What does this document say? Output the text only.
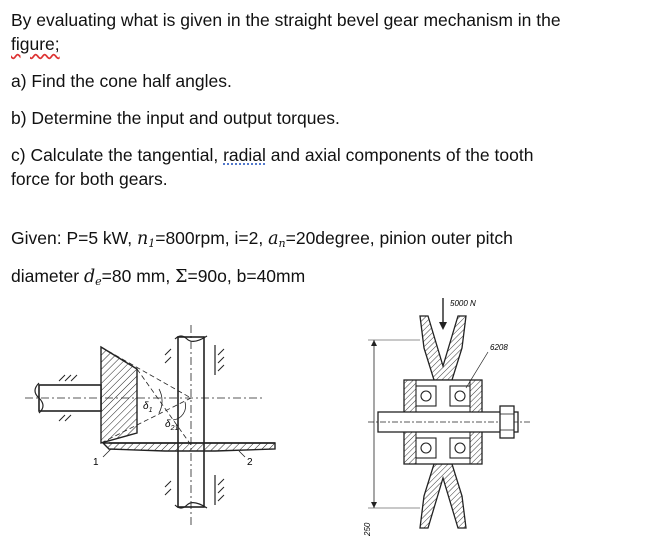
By evaluating what is given in the straight bevel gear mechanism in the
figure;

a) Find the cone half angles.

b) Determine the input and output torques.

c) Calculate the tangential, radial and axial components of the tooth
force for both gears.

Given: P=5 kW, $n_1=800rpm$, i=2, $a_n=20degree$, pinion outer pitch
diameter $d_e=80$ mm, Σ=90o, b=40mm
$\delta_1$
$\delta_{21}$
1	2
5000 N
6208
250
